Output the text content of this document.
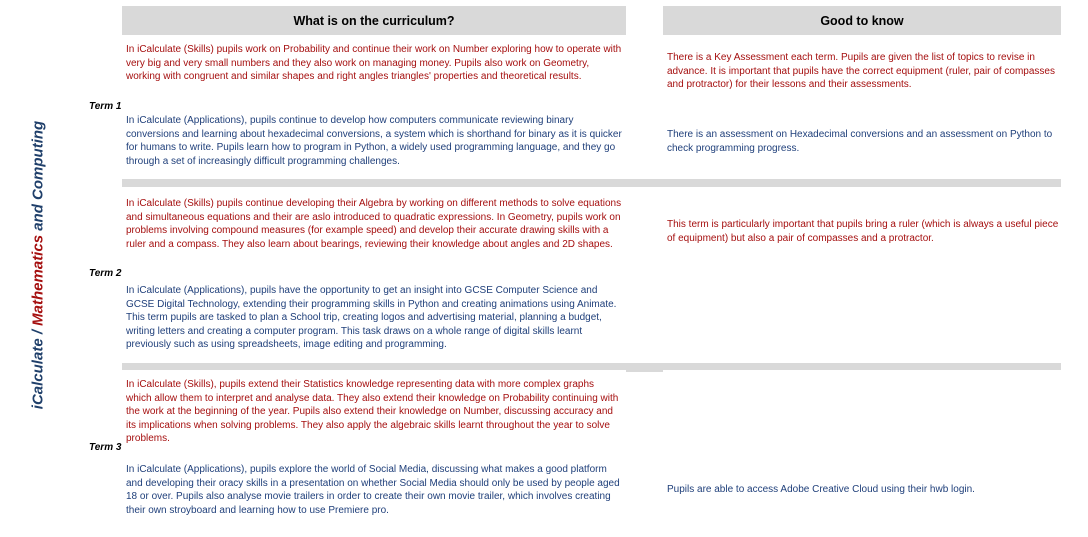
iCalculate / Mathematics and Computing
What is on the curriculum?	Good to know
Term 1
In iCalculate (Skills) pupils work on Probability and continue their work on Number exploring how to operate with very big and very small numbers and they also work on managing money. Pupils also work on Geometry, working with congruent and similar shapes and right angles triangles' properties and theoretical results.
In iCalculate (Applications), pupils continue to develop how computers communicate reviewing binary conversions and learning about hexadecimal conversions, a system which is shorthand for binary as it is quicker for humans to write. Pupils learn how to program in Python, a widely used programming language, and they go through a set of increasingly difficult programming challenges.
There is a Key Assessment each term. Pupils are given the list of topics to revise in advance. It is important that pupils have the correct equipment (ruler, pair of compasses and protractor) for their lessons and their assessments.
There is an assessment on Hexadecimal conversions and an assessment on Python to check programming progress.
Term 2
In iCalculate (Skills) pupils continue developing their Algebra by working on different methods to solve equations and simultaneous equations and their are aslo introduced to quadratic expressions. In Geometry, pupils work on problems involving compound measures (for example speed) and develop their accurate drawing skills with a ruler and a compass. They also learn about bearings, reviewing their knowledge about angles and 2D shapes.
In iCalculate (Applications), pupils have the opportunity to get an insight into GCSE Computer Science and GCSE Digital Technology, extending their programming skills in Python and creating animations using Animate. This term pupils are tasked to plan a School trip, creating logos and advertising material, planning a budget, writing letters and creating a computer program. This task draws on a whole range of digital skills learnt previously such as using spreadsheets, image editing and programming.
This term is particularly important that pupils bring a ruler (which is always a useful piece of equipment) but also a pair of compasses and a protractor.
Term 3
In iCalculate (Skills), pupils extend their Statistics knowledge representing data with more complex graphs which allow them to interpret and analyse data. They also extend their knowledge on Probability continuing with the work at the beginning of the year. Pupils also extend their knowledge on Number, discussing accuracy and its implications when solving problems. They also apply the algebraic skills learnt throughout the year to solve problems.
In iCalculate (Applications), pupils explore the world of Social Media, discussing what makes a good platform and developing their oracy skills in a presentation on whether Social Media should only be used by people aged 18 or over. Pupils also analyse movie trailers in order to create their own movie trailer, which involves creating their own stroyboard and learning how to use Premiere pro.
Pupils are able to access Adobe Creative Cloud using their hwb login.
